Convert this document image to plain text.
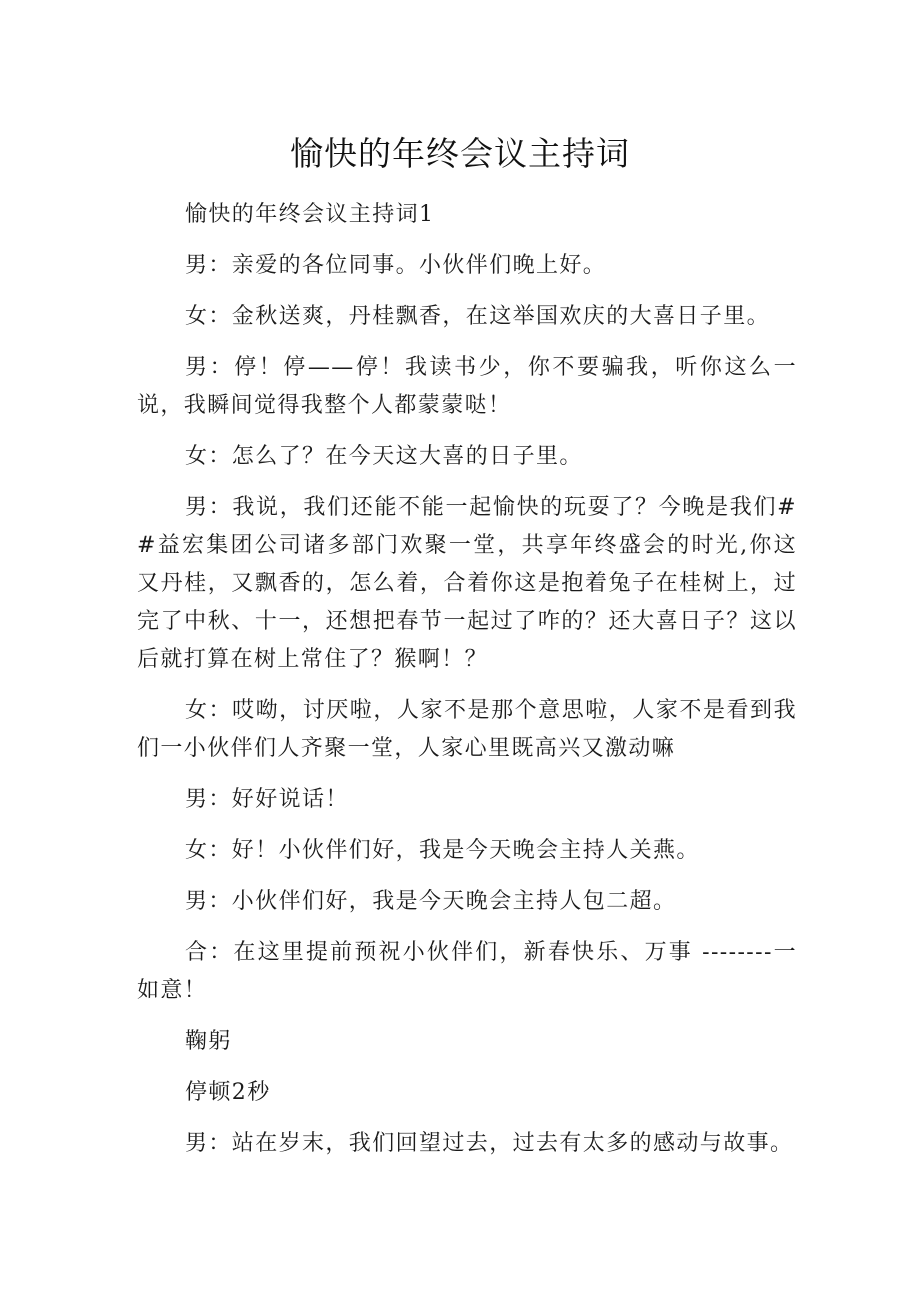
愉快的年终会议主持词

愉快的年终会议主持词1

男：亲爱的各位同事。小伙伴们晚上好。

女：金秋送爽，丹桂飘香，在这举国欢庆的大喜日子里。

男：停！停——停！我读书少，你不要骗我，听你这么一说，我瞬间觉得我整个人都蒙蒙哒！

女：怎么了？在今天这大喜的日子里。

男：我说，我们还能不能一起愉快的玩耍了？今晚是我们##益宏集团公司诸多部门欢聚一堂，共享年终盛会的时光,你这又丹桂，又飘香的，怎么着，合着你这是抱着兔子在桂树上，过完了中秋、十一，还想把春节一起过了咋的？还大喜日子？这以后就打算在树上常住了？猴啊！？

女：哎呦，讨厌啦，人家不是那个意思啦，人家不是看到我们一小伙伴们人齐聚一堂，人家心里既高兴又激动嘛

男：好好说话！

女：好！小伙伴们好，我是今天晚会主持人关燕。

男：小伙伴们好，我是今天晚会主持人包二超。

合：在这里提前预祝小伙伴们，新春快乐、万事 --------一如意！

鞠躬

停顿2秒

男：站在岁末，我们回望过去，过去有太多的感动与故事。
